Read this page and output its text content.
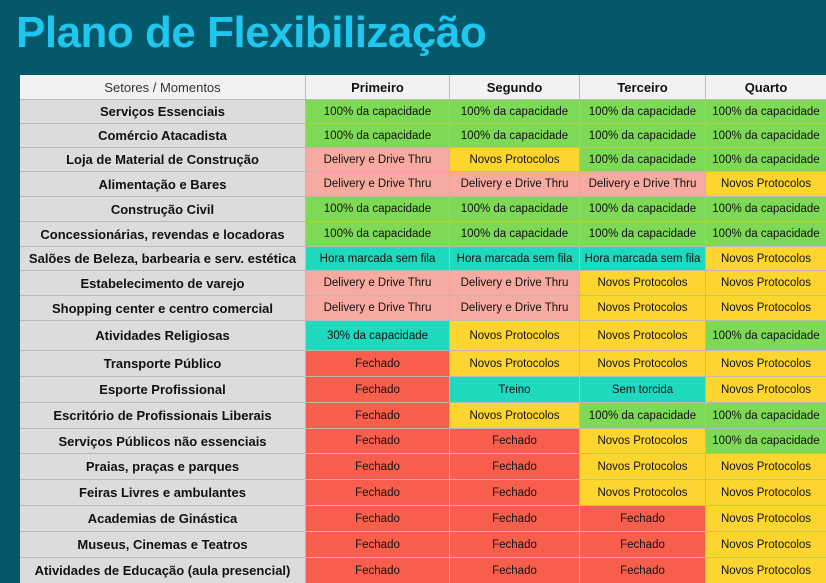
Plano de Flexibilização
Setores / Momentos	Primeiro	Segundo	Terceiro	Quarto
Serviços Essenciais	100% da capacidade	100% da capacidade	100% da capacidade	100% da capacidade
Comércio Atacadista	100% da capacidade	100% da capacidade	100% da capacidade	100% da capacidade
Loja de Material de Construção	Delivery e Drive Thru	Novos Protocolos	100% da capacidade	100% da capacidade
Alimentação e Bares	Delivery e Drive Thru	Delivery e Drive Thru	Delivery e Drive Thru	Novos Protocolos
Construção Civil	100% da capacidade	100% da capacidade	100% da capacidade	100% da capacidade
Concessionárias, revendas e locadoras	100% da capacidade	100% da capacidade	100% da capacidade	100% da capacidade
Salões de Beleza, barbearia e serv. estética	Hora marcada sem fila	Hora marcada sem fila	Hora marcada sem fila	Novos Protocolos
Estabelecimento de varejo	Delivery e Drive Thru	Delivery e Drive Thru	Novos Protocolos	Novos Protocolos
Shopping center e centro comercial	Delivery e Drive Thru	Delivery e Drive Thru	Novos Protocolos	Novos Protocolos
Atividades Religiosas	30% da capacidade	Novos Protocolos	Novos Protocolos	100% da capacidade
Transporte Público	Fechado	Novos Protocolos	Novos Protocolos	Novos Protocolos
Esporte Profissional	Fechado	Treino	Sem torcida	Novos Protocolos
Escritório de Profissionais Liberais	Fechado	Novos Protocolos	100% da capacidade	100% da capacidade
Serviços Públicos não essenciais	Fechado	Fechado	Novos Protocolos	100% da capacidade
Praias, praças e parques	Fechado	Fechado	Novos Protocolos	Novos Protocolos
Feiras Livres e ambulantes	Fechado	Fechado	Novos Protocolos	Novos Protocolos
Academias de Ginástica	Fechado	Fechado	Fechado	Novos Protocolos
Museus, Cinemas e Teatros	Fechado	Fechado	Fechado	Novos Protocolos
Atividades de Educação (aula presencial)	Fechado	Fechado	Fechado	Novos Protocolos
